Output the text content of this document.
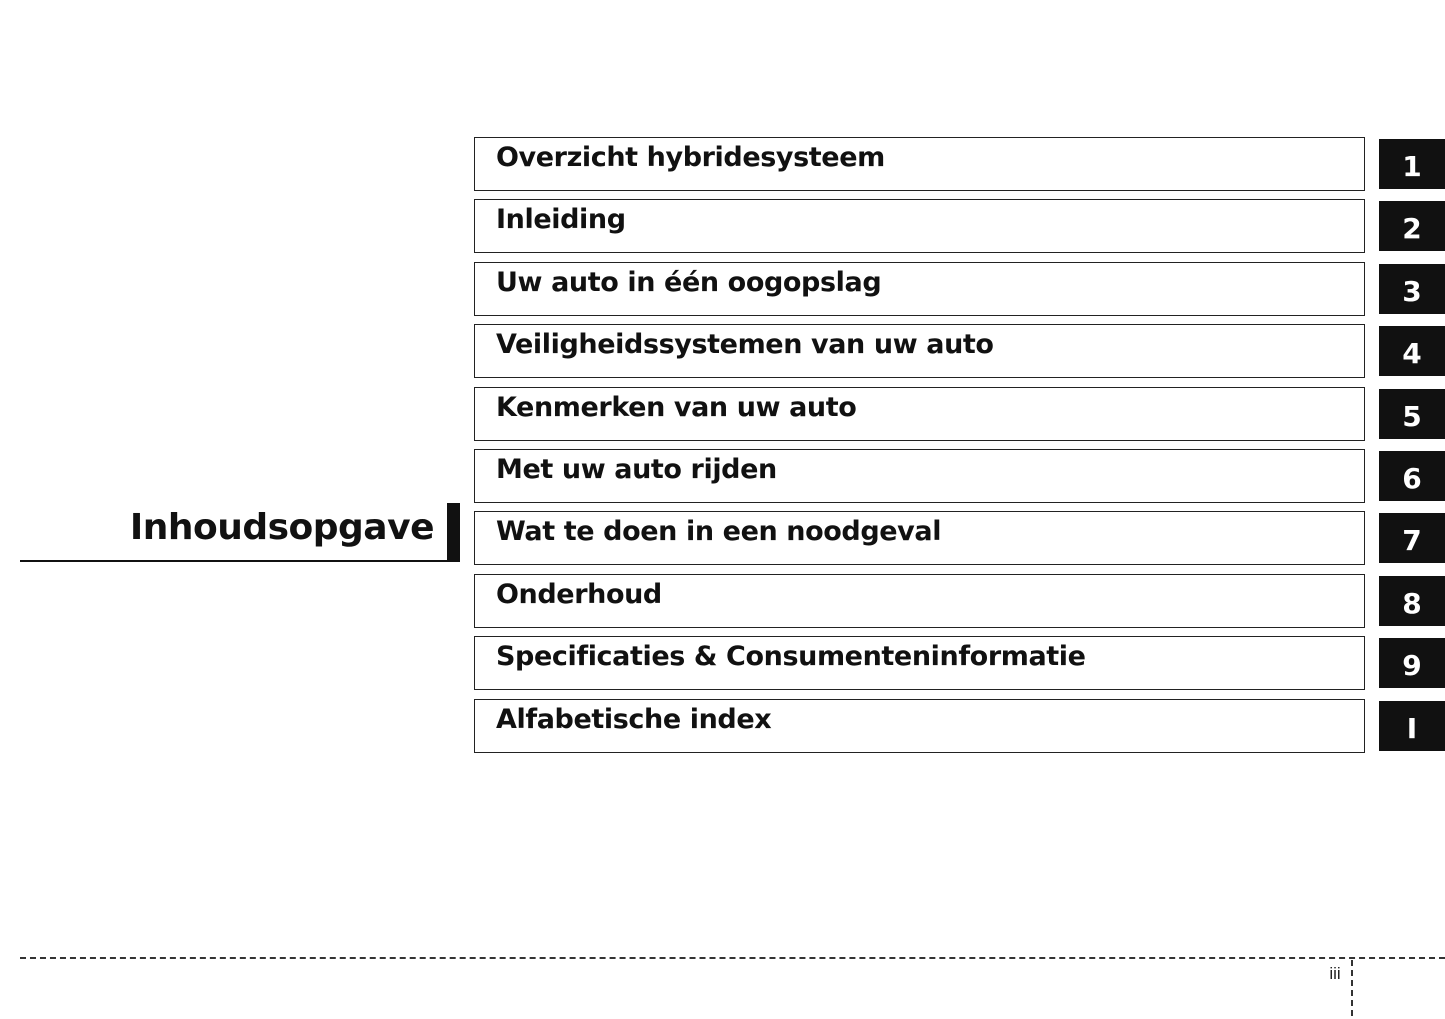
Inhoudsopgave
Overzicht hybridesysteem	1
Inleiding	2
Uw auto in één oogopslag	3
Veiligheidssystemen van uw auto	4
Kenmerken van uw auto	5
Met uw auto rijden	6
Wat te doen in een noodgeval	7
Onderhoud	8
Specificaties & Consumenteninformatie	9
Alfabetische index	I
iii
